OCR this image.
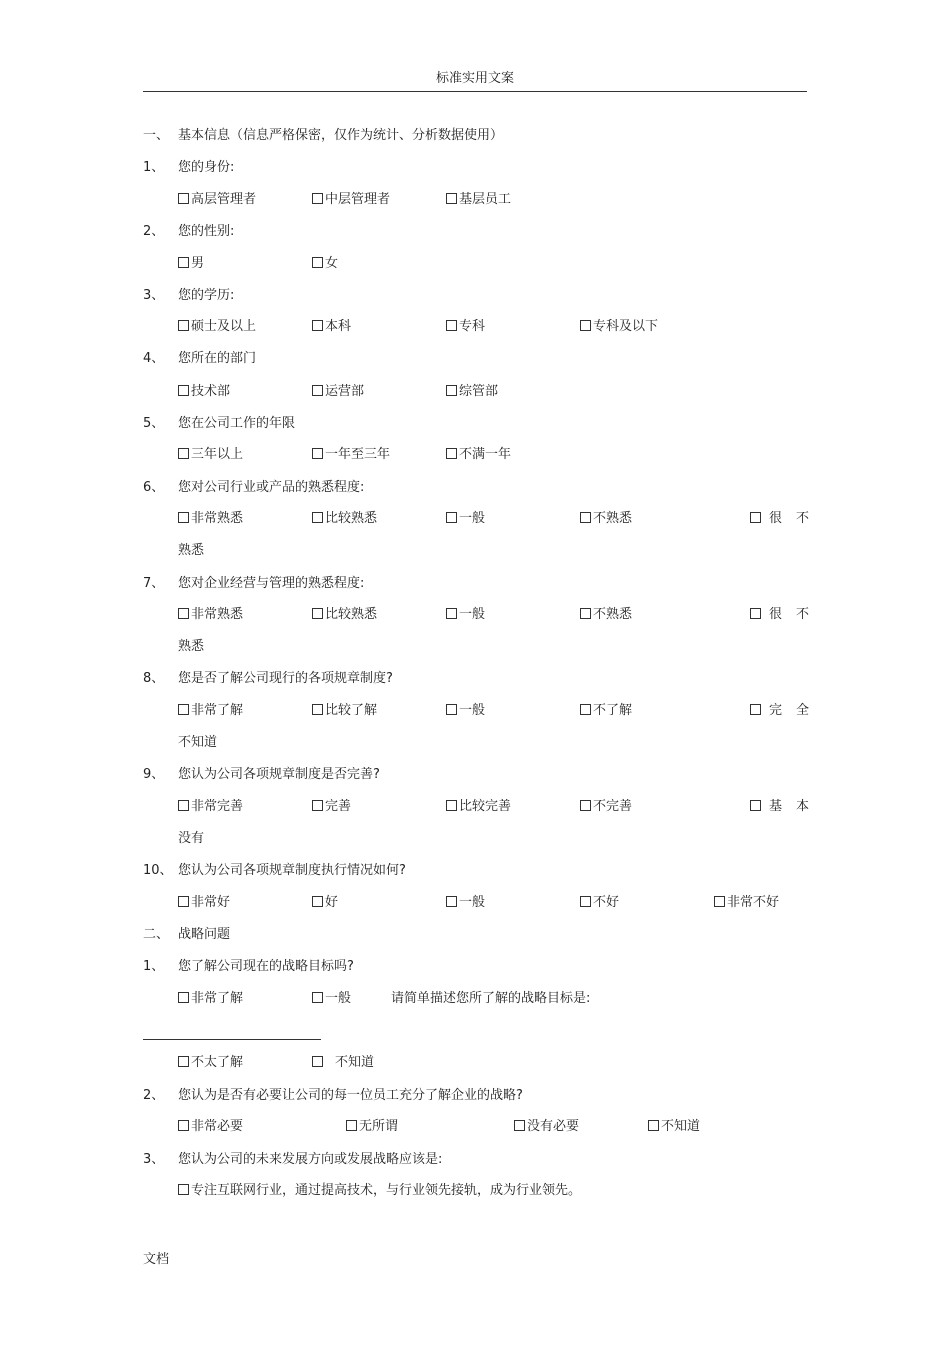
标准实用文案
一、 基本信息（信息严格保密，仅作为统计、分析数据使用）
1、 您的身份:
高层管理者	中层管理者	基层员工
2、 您的性别:
男	女
3、 您的学历:
硕士及以上	本科	专科	专科及以下
4、 您所在的部门
技术部	运营部	综管部
5、 您在公司工作的年限
三年以上	一年至三年	不满一年
6、 您对公司行业或产品的熟悉程度:
非常熟悉	比较熟悉	一般	不熟悉	很不
熟悉
7、 您对企业经营与管理的熟悉程度:
非常熟悉	比较熟悉	一般	不熟悉	很不
熟悉
8、 您是否了解公司现行的各项规章制度?
非常了解	比较了解	一般	不了解	完全
不知道
9、 您认为公司各项规章制度是否完善?
非常完善	完善	比较完善	不完善	基本
没有
10、 您认为公司各项规章制度执行情况如何?
非常好	好	一般	不好	非常不好
二、 战略问题
1、 您了解公司现在的战略目标吗?
非常了解	一般	请简单描述您所了解的战略目标是:
不太了解	不知道
2、 您认为是否有必要让公司的每一位员工充分了解企业的战略?
非常必要	无所谓	没有必要	不知道
3、 您认为公司的未来发展方向或发展战略应该是:
专注互联网行业，通过提高技术，与行业领先接轨，成为行业领先。
文档
